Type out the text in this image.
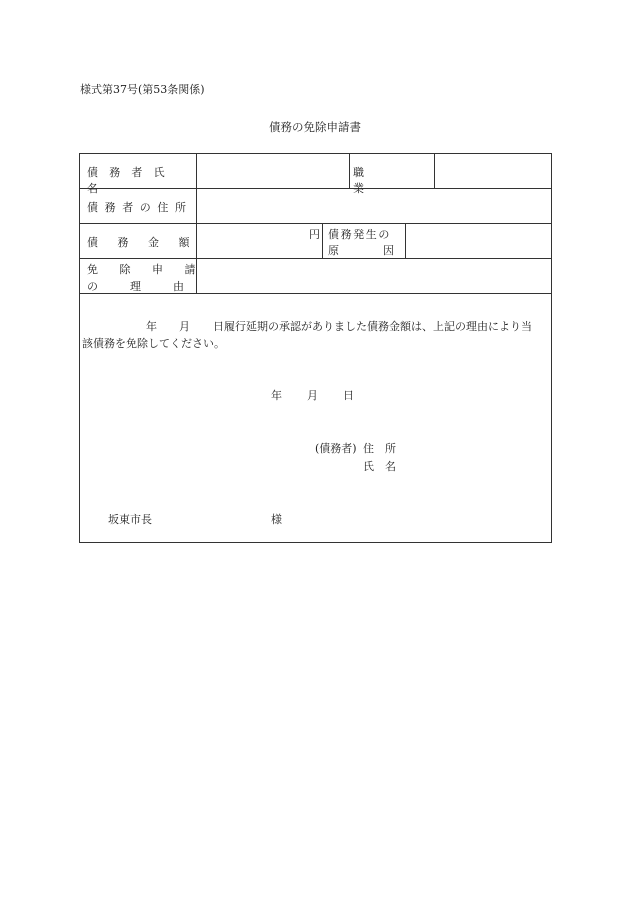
様式第37号(第53条関係)
債務の免除申請書
債務者氏名
職業
債務者の住所
債務金額
円 債務発生の
原因
免除申請
の理由
年 月 日履行延期の承認がありました債務金額は、上記の理由により当
該債務を免除してください。
年 月 日
(債務者) 住　所
氏　名
坂東市長	様
